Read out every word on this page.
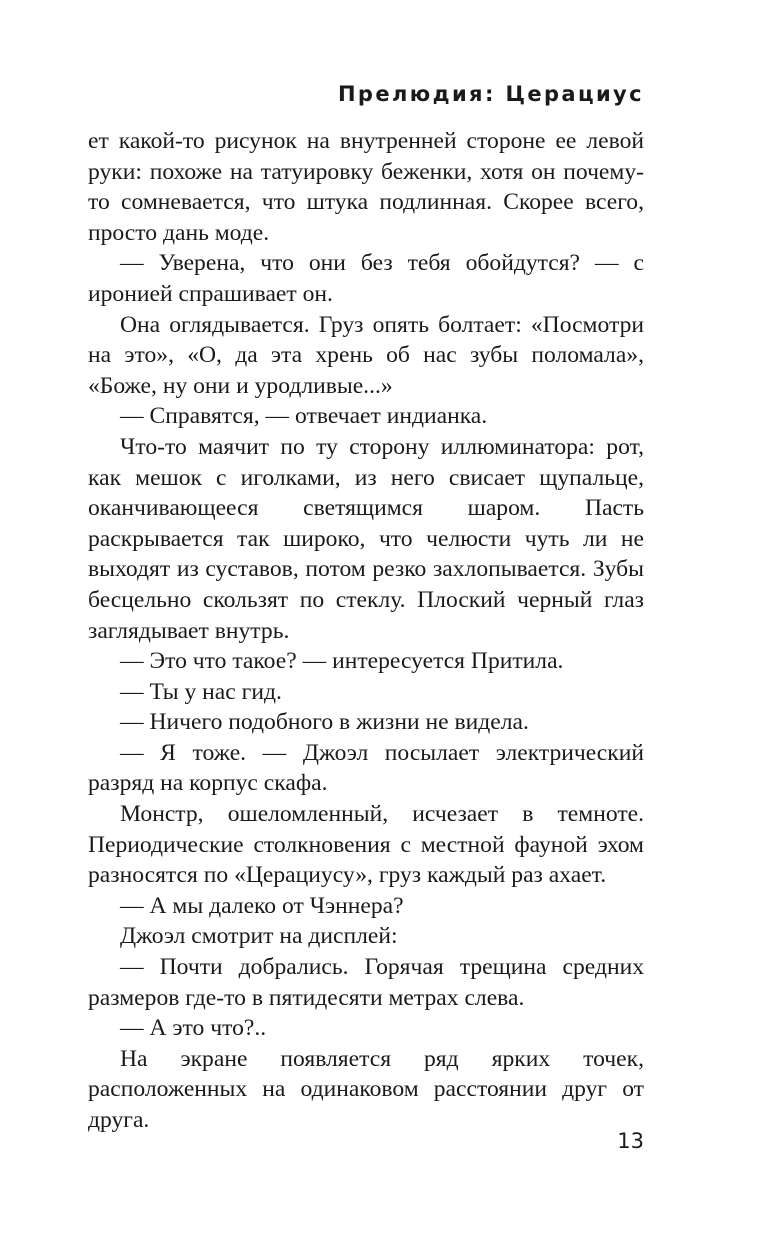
Прелюдия: Церациус

ет какой-то рисунок на внутренней стороне ее левой руки: похоже на татуировку беженки, хотя он почему-то сомневается, что штука подлинная. Скорее всего, просто дань моде.

— Уверена, что они без тебя обойдутся? — с иронией спрашивает он.

Она оглядывается. Груз опять болтает: «Посмотри на это», «О, да эта хрень об нас зубы поломала», «Боже, ну они и уродливые...»

— Справятся, — отвечает индианка.

Что-то маячит по ту сторону иллюминатора: рот, как мешок с иголками, из него свисает щупальце, оканчивающееся светящимся шаром. Пасть раскрывается так широко, что челюсти чуть ли не выходят из суставов, потом резко захлопывается. Зубы бесцельно скользят по стеклу. Плоский черный глаз заглядывает внутрь.

— Это что такое? — интересуется Притила.

— Ты у нас гид.

— Ничего подобного в жизни не видела.

— Я тоже. — Джоэл посылает электрический разряд на корпус скафа.

Монстр, ошеломленный, исчезает в темноте. Периодические столкновения с местной фауной эхом разносятся по «Церациусу», груз каждый раз ахает.

— А мы далеко от Чэннера?

Джоэл смотрит на дисплей:

— Почти добрались. Горячая трещина средних размеров где-то в пятидесяти метрах слева.

— А это что?..

На экране появляется ряд ярких точек, расположенных на одинаковом расстоянии друг от друга.

13
